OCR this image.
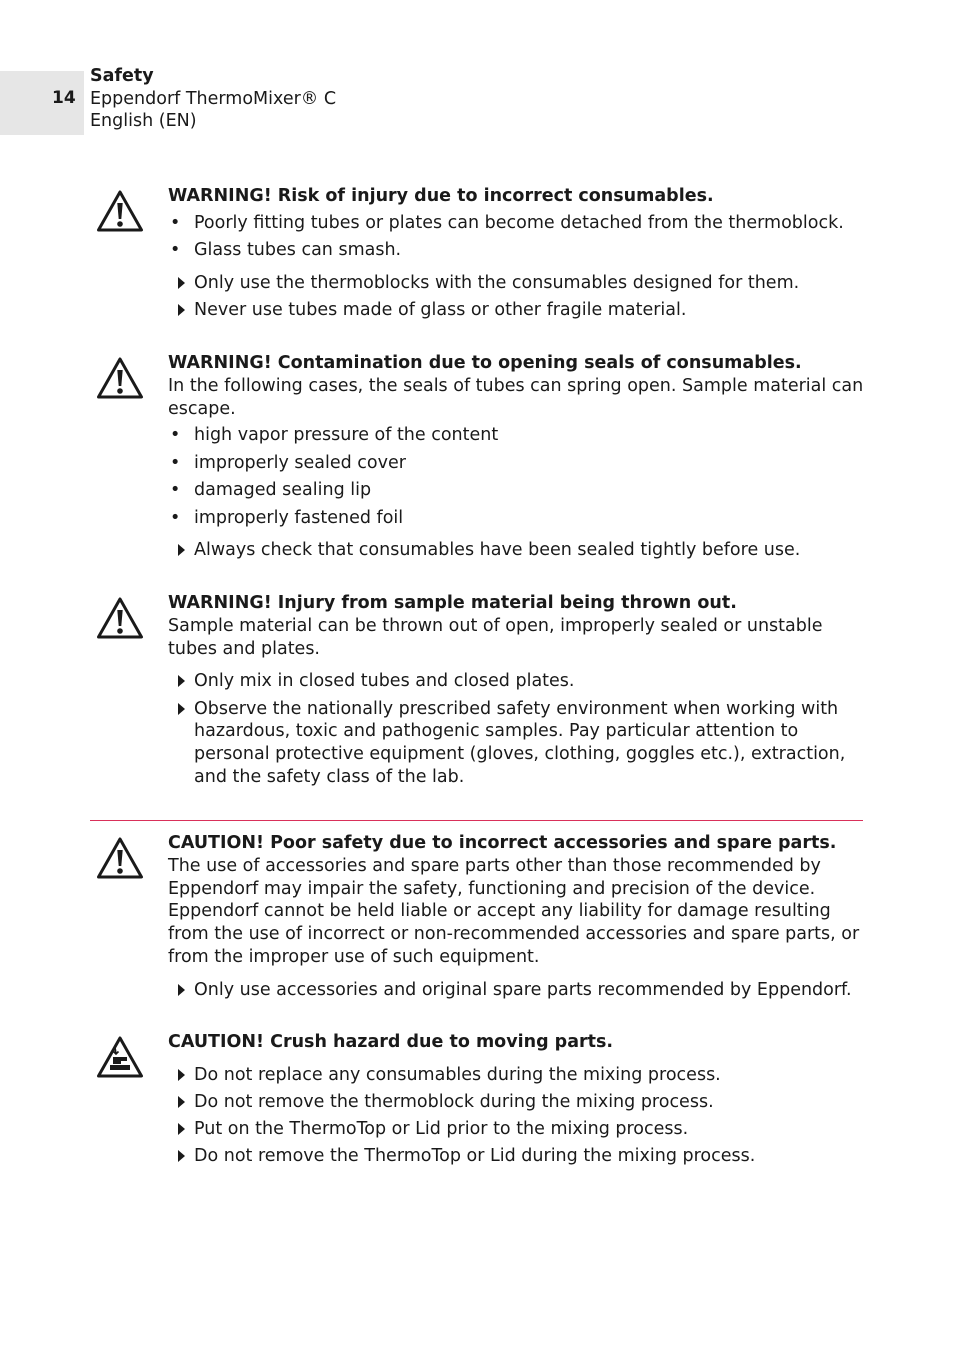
14
Safety
Eppendorf ThermoMixer® C
English (EN)

WARNING! Risk of injury due to incorrect consumables.

• Poorly fitting tubes or plates can become detached from the thermoblock.
• Glass tubes can smash.
Only use the thermoblocks with the consumables designed for them.
Never use tubes made of glass or other fragile material.

WARNING! Contamination due to opening seals of consumables.

In the following cases, the seals of tubes can spring open. Sample material can escape.

• high vapor pressure of the content
• improperly sealed cover
• damaged sealing lip
• improperly fastened foil
Always check that consumables have been sealed tightly before use.

WARNING! Injury from sample material being thrown out.

Sample material can be thrown out of open, improperly sealed or unstable tubes and plates.

Only mix in closed tubes and closed plates.
Observe the nationally prescribed safety environment when working with hazardous, toxic and pathogenic samples. Pay particular attention to personal protective equipment (gloves, clothing, goggles etc.), extraction, and the safety class of the lab.

CAUTION! Poor safety due to incorrect accessories and spare parts.

The use of accessories and spare parts other than those recommended by Eppendorf may impair the safety, functioning and precision of the device. Eppendorf cannot be held liable or accept any liability for damage resulting from the use of incorrect or non-recommended accessories and spare parts, or from the improper use of such equipment.

Only use accessories and original spare parts recommended by Eppendorf.

CAUTION! Crush hazard due to moving parts.

Do not replace any consumables during the mixing process.
Do not remove the thermoblock during the mixing process.
Put on the ThermoTop or Lid prior to the mixing process.
Do not remove the ThermoTop or Lid during the mixing process.
